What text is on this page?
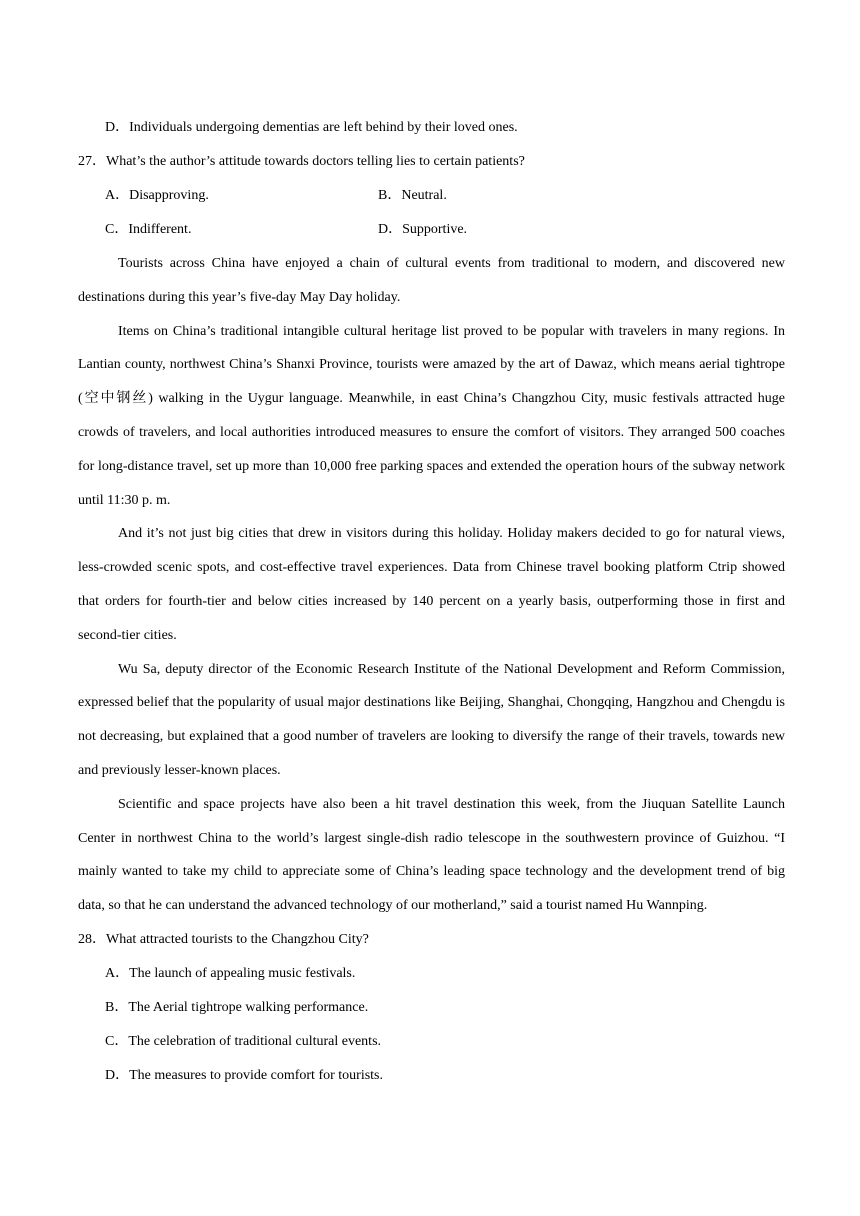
D．Individuals undergoing dementias are left behind by their loved ones.
27．What’s the author’s attitude towards doctors telling lies to certain patients?
A．Disapproving.	B．Neutral.
C．Indifferent.	D．Supportive.

Tourists across China have enjoyed a chain of cultural events from traditional to modern, and discovered new destinations during this year’s five-day May Day holiday.

Items on China’s traditional intangible cultural heritage list proved to be popular with travelers in many regions. In Lantian county, northwest China’s Shanxi Province, tourists were amazed by the art of Dawaz, which means aerial tightrope (空中钢丝) walking in the Uygur language. Meanwhile, in east China’s Changzhou City, music festivals attracted huge crowds of travelers, and local authorities introduced measures to ensure the comfort of visitors. They arranged 500 coaches for long-distance travel, set up more than 10,000 free parking spaces and extended the operation hours of the subway network until 11:30 p. m.

And it’s not just big cities that drew in visitors during this holiday. Holiday makers decided to go for natural views, less-crowded scenic spots, and cost-effective travel experiences. Data from Chinese travel booking platform Ctrip showed that orders for fourth-tier and below cities increased by 140 percent on a yearly basis, outperforming those in first and second-tier cities.

Wu Sa, deputy director of the Economic Research Institute of the National Development and Reform Commission, expressed belief that the popularity of usual major destinations like Beijing, Shanghai, Chongqing, Hangzhou and Chengdu is not decreasing, but explained that a good number of travelers are looking to diversify the range of their travels, towards new and previously lesser-known places.

Scientific and space projects have also been a hit travel destination this week, from the Jiuquan Satellite Launch Center in northwest China to the world’s largest single-dish radio telescope in the southwestern province of Guizhou. “I mainly wanted to take my child to appreciate some of China’s leading space technology and the development trend of big data, so that he can understand the advanced technology of our motherland,” said a tourist named Hu Wannping.

28．What attracted tourists to the Changzhou City?
A．The launch of appealing music festivals.
B．The Aerial tightrope walking performance.
C．The celebration of traditional cultural events.
D．The measures to provide comfort for tourists.
